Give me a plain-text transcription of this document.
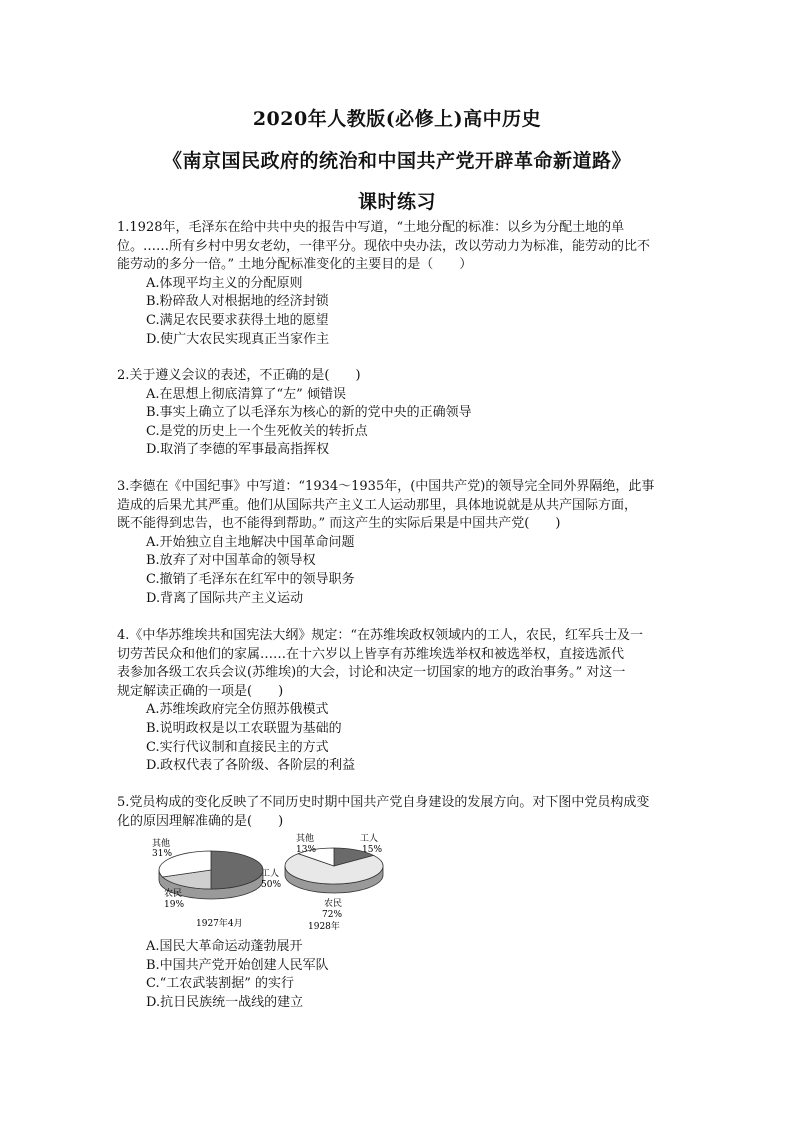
2020年人教版(必修上)高中历史
《南京国民政府的统治和中国共产党开辟革命新道路》
课时练习

1.1928年，毛泽东在给中共中央的报告中写道，“土地分配的标准：以乡为分配土地的单
位。……所有乡村中男女老幼，一律平分。现依中央办法，改以劳动力为标准，能劳动的比不
能劳动的多分一倍。” 土地分配标准变化的主要目的是（　　）

A.体现平均主义的分配原则
B.粉碎敌人对根据地的经济封锁
C.满足农民要求获得土地的愿望
D.使广大农民实现真正当家作主

2.关于遵义会议的表述，不正确的是(　　)

A.在思想上彻底清算了“左” 倾错误
B.事实上确立了以毛泽东为核心的新的党中央的正确领导
C.是党的历史上一个生死攸关的转折点
D.取消了李德的军事最高指挥权

3.李德在《中国纪事》中写道：“1934～1935年，(中国共产党)的领导完全同外界隔绝，此事
造成的后果尤其严重。他们从国际共产主义工人运动那里，具体地说就是从共产国际方面，
既不能得到忠告，也不能得到帮助。” 而这产生的实际后果是中国共产党(　　)

A.开始独立自主地解决中国革命问题
B.放弃了对中国革命的领导权
C.撤销了毛泽东在红军中的领导职务
D.背离了国际共产主义运动

4.《中华苏维埃共和国宪法大纲》规定：“在苏维埃政权领域内的工人，农民，红军兵士及一
切劳苦民众和他们的家属……在十六岁以上皆享有苏维埃选举权和被选举权，直接选派代
表参加各级工农兵会议(苏维埃)的大会，讨论和决定一切国家的地方的政治事务。” 对这一
规定解读正确的一项是(　　)

A.苏维埃政府完全仿照苏俄模式
B.说明政权是以工农联盟为基础的
C.实行代议制和直接民主的方式
D.政权代表了各阶级、各阶层的利益

5.党员构成的变化反映了不同历史时期中国共产党自身建设的发展方向。对下图中党员构成变
化的原因理解准确的是(　　)

其他
31%
工人
50%
农民
19%
1927年4月
其他
13%
工人
15%
农民
72%
1928年
A.国民大革命运动蓬勃展开
B.中国共产党开始创建人民军队
C.“工农武装割据” 的实行
D.抗日民族统一战线的建立
